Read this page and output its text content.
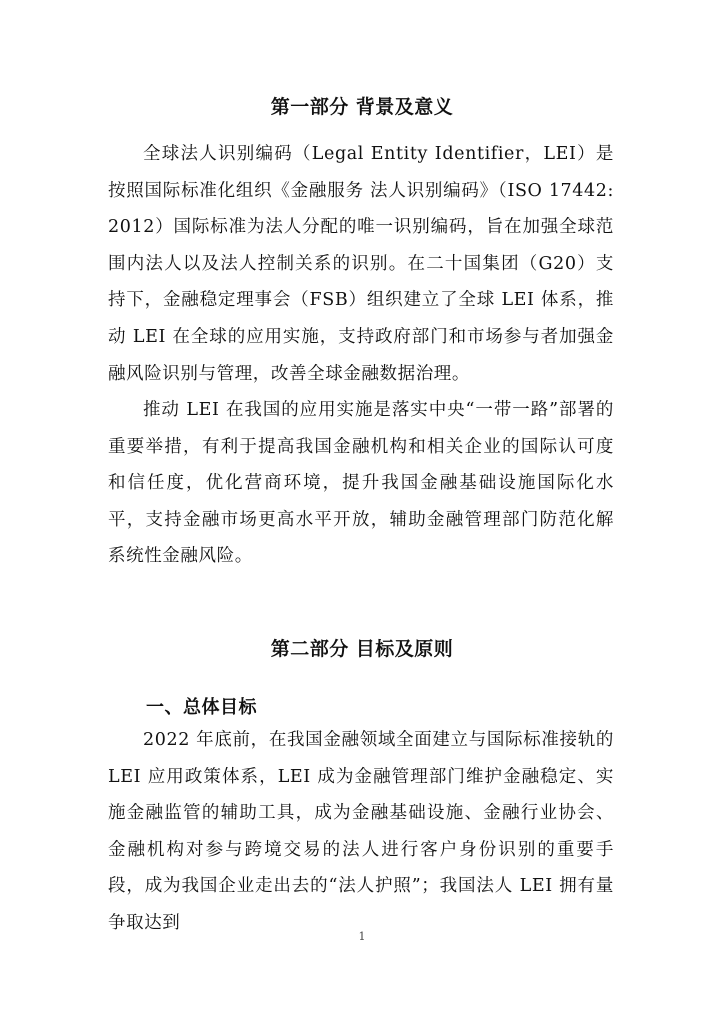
第一部分 背景及意义

全球法人识别编码（Legal Entity Identifier，LEI）是按照国际标准化组织《金融服务 法人识别编码》（ISO 17442: 2012）国际标准为法人分配的唯一识别编码，旨在加强全球范围内法人以及法人控制关系的识别。在二十国集团（G20）支持下，金融稳定理事会（FSB）组织建立了全球 LEI 体系，推动 LEI 在全球的应用实施，支持政府部门和市场参与者加强金融风险识别与管理，改善全球金融数据治理。

推动 LEI 在我国的应用实施是落实中央“一带一路”部署的重要举措，有利于提高我国金融机构和相关企业的国际认可度和信任度，优化营商环境，提升我国金融基础设施国际化水平，支持金融市场更高水平开放，辅助金融管理部门防范化解系统性金融风险。

第二部分 目标及原则
一、总体目标

2022 年底前，在我国金融领域全面建立与国际标准接轨的 LEI 应用政策体系，LEI 成为金融管理部门维护金融稳定、实施金融监管的辅助工具，成为金融基础设施、金融行业协会、金融机构对参与跨境交易的法人进行客户身份识别的重要手段，成为我国企业走出去的“法人护照”；我国法人 LEI 拥有量争取达到

1
